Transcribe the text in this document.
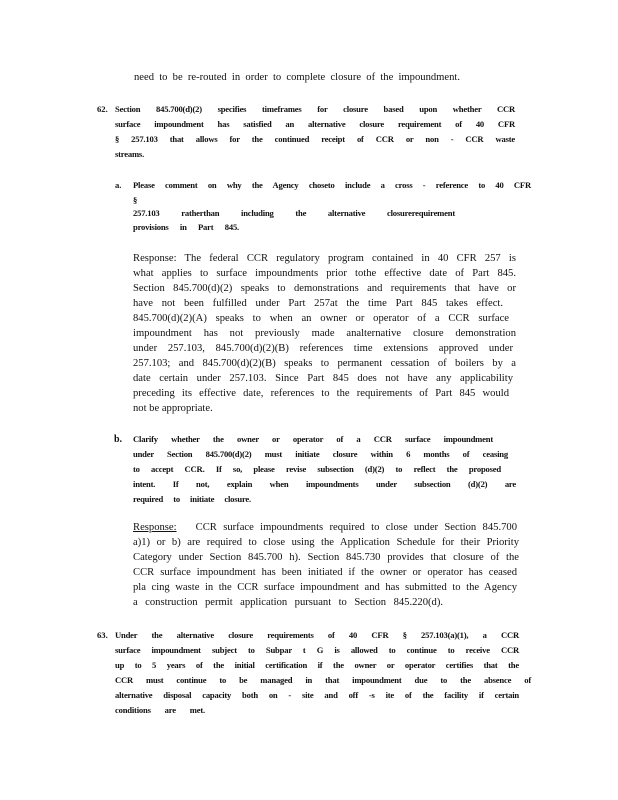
need to be re-routed in order to complete closure of the impoundment.
62. Section 845.700(d)(2) specifies timeframes for closure based upon whether CCR
surface impoundment has satisfied an alternative closure requirement of 40 CFR
§ 257.103 that allows for the continued receipt of CCR or non - CCR waste
streams.
a. Please comment on why the Agency choseto include a cross - reference to 40 CFR
§
257.103 ratherthan including the alternative closurerequirement
provisions in Part 845.
Response: The federal CCR regulatory program contained in 40 CFR 257 is
what applies to surface impoundments prior tothe effective date of Part 845.
Section 845.700(d)(2) speaks to demonstrations and requirements that have or
have not been fulfilled under Part 257at the time Part 845 takes effect.
845.700(d)(2)(A) speaks to when an owner or operator of a CCR surface
impoundment has not previously made analternative closure demonstration
under 257.103, 845.700(d)(2)(B) references time extensions approved under
257.103; and 845.700(d)(2)(B) speaks to permanent cessation of boilers by a
date certain under 257.103. Since Part 845 does not have any applicability
preceding its effective date, references to the requirements of Part 845 would
not be appropriate.
b. Clarify whether the owner or operator of a CCR surface impoundment
under Section 845.700(d)(2) must initiate closure within 6 months of ceasing
to accept CCR. If so, please revise subsection (d)(2) to reflect the proposed
intent. If not, explain when impoundments under subsection (d)(2) are
required to initiate closure.
Response: CCR surface impoundments required to close under Section 845.700
a)1) or b) are required to close using the Application Schedule for their Priority
Category under Section 845.700 h). Section 845.730 provides that closure of the
CCR surface impoundment has been initiated if the owner or operator has ceased
pla cing waste in the CCR surface impoundment and has submitted to the Agency
a construction permit application pursuant to Section 845.220(d).
63. Under the alternative closure requirements of 40 CFR § 257.103(a)(1), a CCR
surface impoundment subject to Subpar t G is allowed to continue to receive CCR
up to 5 years of the initial certification if the owner or operator certifies that the
CCR must continue to be managed in that impoundment due to the absence of
alternative disposal capacity both on - site and off -s ite of the facility if certain
conditions are met.
